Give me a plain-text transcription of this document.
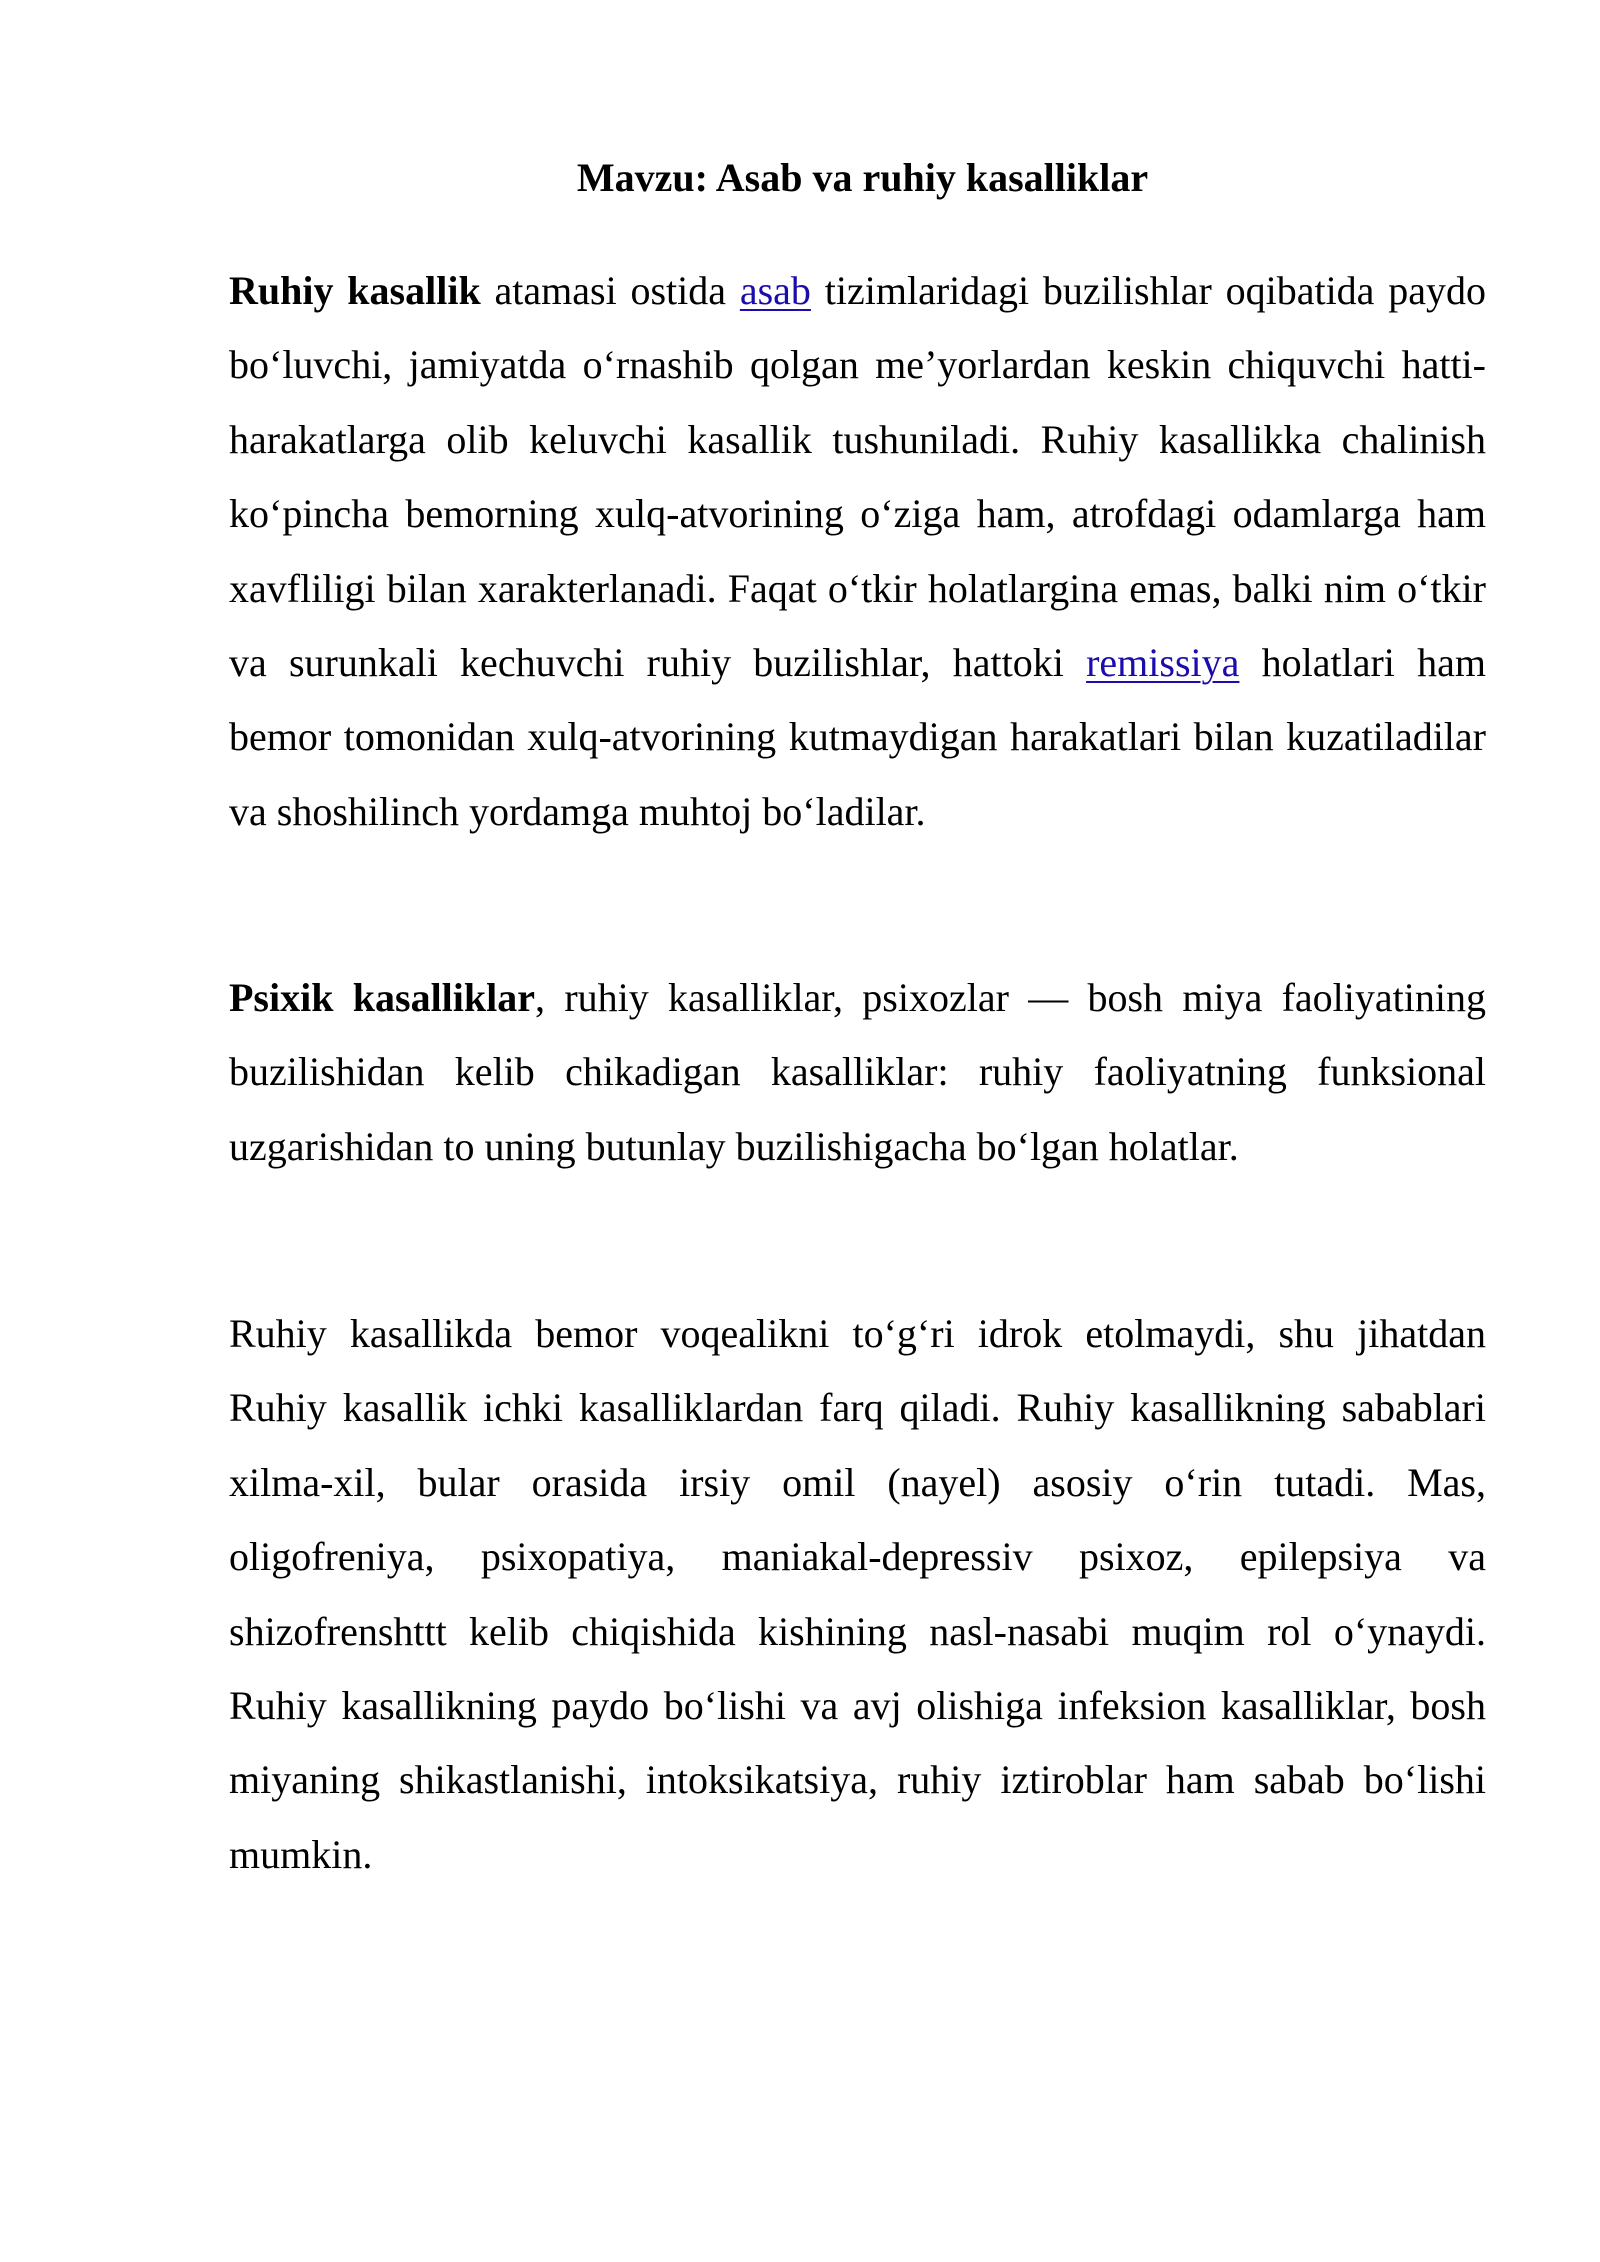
Mavzu: Asab va ruhiy kasalliklar

Ruhiy kasallik atamasi ostida asab tizimlaridagi buzilishlar oqibatida paydo bo‘luvchi, jamiyatda o‘rnashib qolgan me’yorlardan keskin chiquvchi hatti-harakatlarga olib keluvchi kasallik tushuniladi. Ruhiy kasallikka chalinish ko‘pincha bemorning xulq-atvorining o‘ziga ham, atrofdagi odamlarga ham xavfliligi bilan xarakterlanadi. Faqat o‘tkir holatlargina emas, balki nim o‘tkir va surunkali kechuvchi ruhiy buzilishlar, hattoki remissiya holatlari ham bemor tomonidan xulq-atvorining kutmaydigan harakatlari bilan kuzatiladilar va shoshilinch yordamga muhtoj bo‘ladilar.

Psixik kasalliklar, ruhiy kasalliklar, psixozlar — bosh miya faoliyatining buzilishidan kelib chikadigan kasalliklar: ruhiy faoliyatning funksional uzgarishidan to uning butunlay buzilishigacha bo‘lgan holatlar.

Ruhiy kasallikda bemor voqealikni to‘g‘ri idrok etolmaydi, shu jihatdan Ruhiy kasallik ichki kasalliklardan farq qiladi. Ruhiy kasallikning sabablari xilma-xil, bular orasida irsiy omil (nayel) asosiy o‘rin tutadi. Mas, oligofreniya, psixopatiya, maniakal-depressiv psixoz, epilepsiya va shizofrenshttt kelib chiqishida kishining nasl-nasabi muqim rol o‘ynaydi. Ruhiy kasallikning paydo bo‘lishi va avj olishiga infeksion kasalliklar, bosh miyaning shikastlanishi, intoksikatsiya, ruhiy iztiroblar ham sabab bo‘lishi mumkin.
